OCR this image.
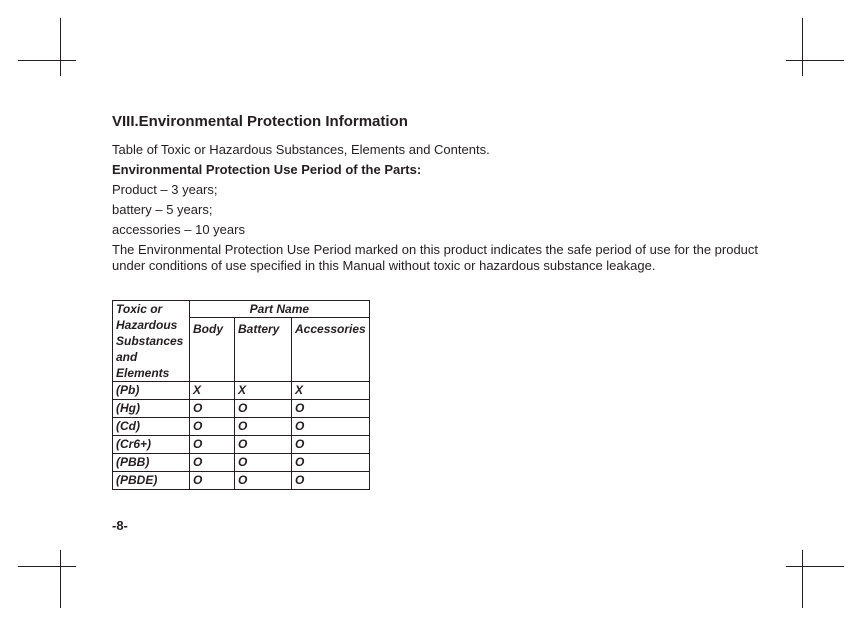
VIII.Environmental Protection Information

Table of Toxic or Hazardous Substances, Elements and Contents.

Environmental Protection Use Period of the Parts:

Product – 3 years;

battery – 5 years;

accessories – 10 years

The Environmental Protection Use Period marked on this product indicates the safe period of use for the product under conditions of use specified in this Manual without toxic or hazardous substance leakage.

Toxic or
Hazardous
Substances
and
Elements	Part Name		
	Body	Battery	Accessories
(Pb)	X	X	X
(Hg)	O	O	O
(Cd)	O	O	O
(Cr6+)	O	O	O
(PBB)	O	O	O
(PBDE)	O	O	O
-8-
